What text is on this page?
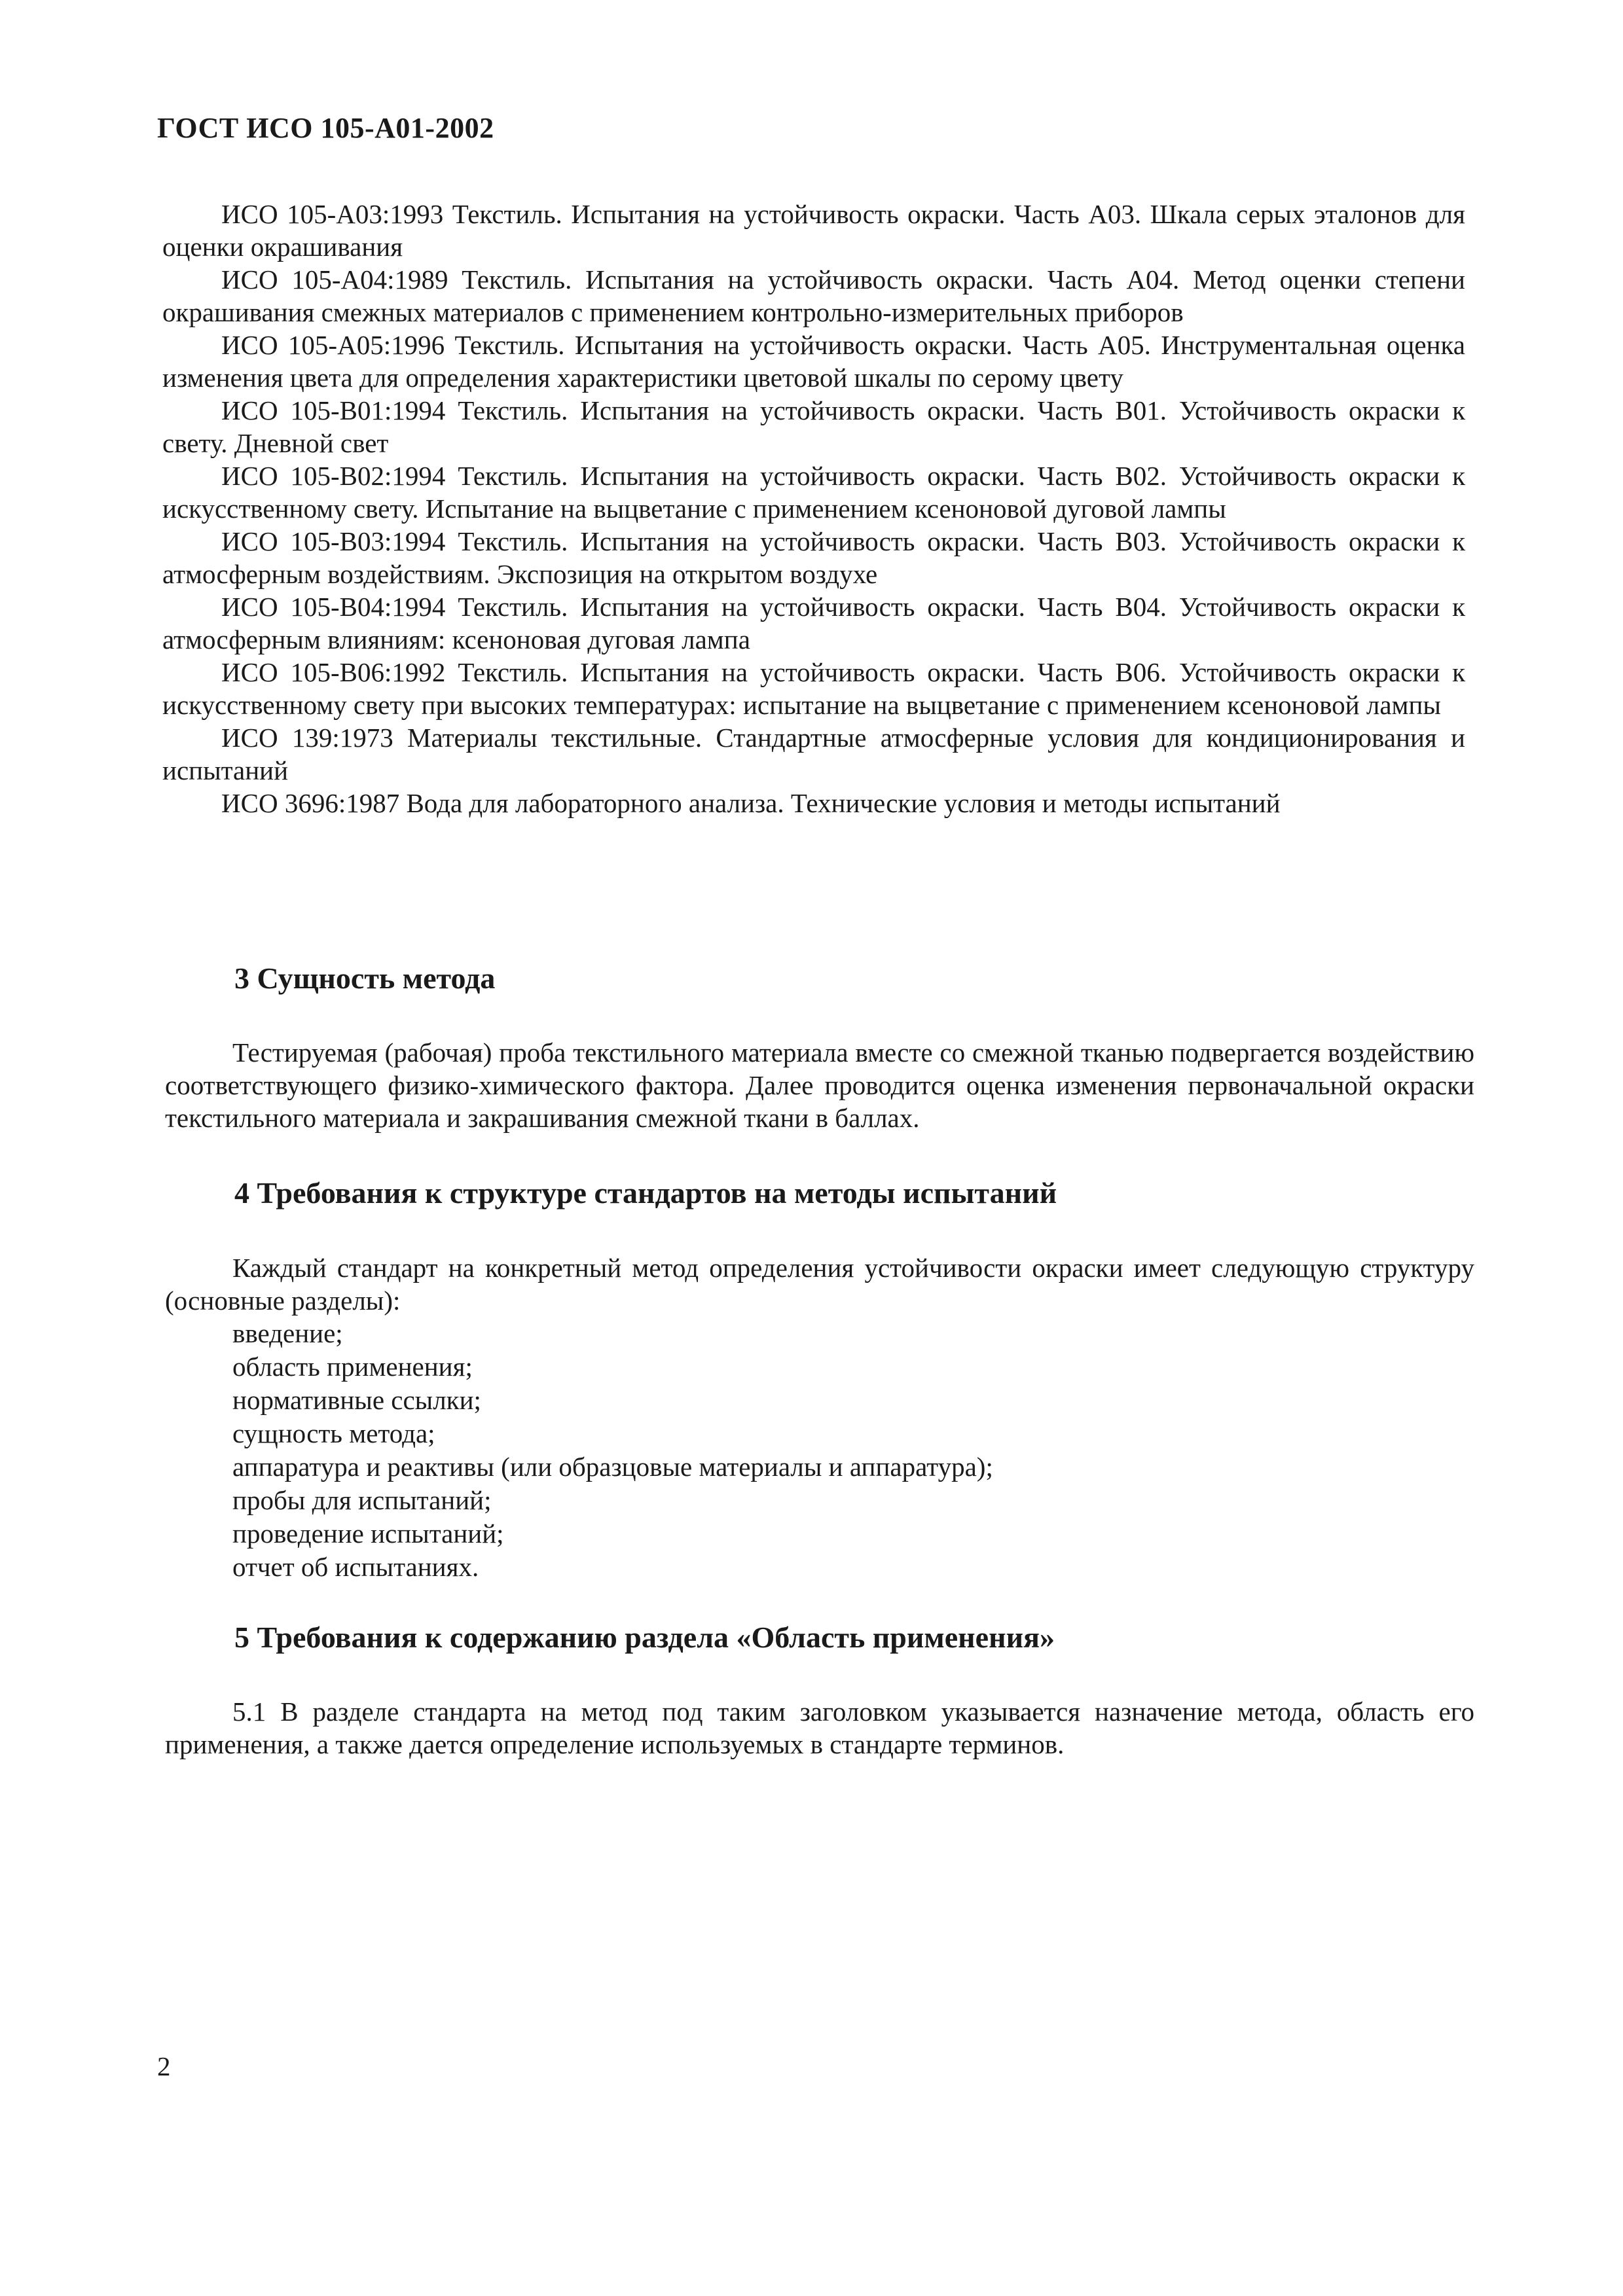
ГОСТ ИСО 105-А01-2002

ИСО 105-А03:1993 Текстиль. Испытания на устойчивость окраски. Часть А03. Шкала серых эталонов для оценки окрашивания

ИСО 105-А04:1989 Текстиль. Испытания на устойчивость окраски. Часть А04. Метод оценки степени окрашивания смежных материалов с применением контрольно-измерительных приборов

ИСО 105-А05:1996 Текстиль. Испытания на устойчивость окраски. Часть А05. Инструментальная оценка изменения цвета для определения характеристики цветовой шкалы по серому цвету

ИСО 105-В01:1994 Текстиль. Испытания на устойчивость окраски. Часть В01. Устойчивость окраски к свету. Дневной свет

ИСО 105-В02:1994 Текстиль. Испытания на устойчивость окраски. Часть В02. Устойчивость окраски к искусственному свету. Испытание на выцветание с применением ксеноновой дуговой лампы

ИСО 105-В03:1994 Текстиль. Испытания на устойчивость окраски. Часть В03. Устойчивость окраски к атмосферным воздействиям. Экспозиция на открытом воздухе

ИСО 105-В04:1994 Текстиль. Испытания на устойчивость окраски. Часть В04. Устойчивость окраски к атмосферным влияниям: ксеноновая дуговая лампа

ИСО 105-В06:1992 Текстиль. Испытания на устойчивость окраски. Часть В06. Устойчивость окраски к искусственному свету при высоких температурах: испытание на выцветание с применением ксеноновой лампы

ИСО 139:1973 Материалы текстильные. Стандартные атмосферные условия для кондиционирования и испытаний

ИСО 3696:1987 Вода для лабораторного анализа. Технические условия и методы испытаний

3 Сущность метода

Тестируемая (рабочая) проба текстильного материала вместе со смежной тканью подвергается воздействию соответствующего физико-химического фактора. Далее проводится оценка изменения первоначальной окраски текстильного материала и закрашивания смежной ткани в баллах.

4 Требования к структуре стандартов на методы испытаний

Каждый стандарт на конкретный метод определения устойчивости окраски имеет следующую структуру (основные разделы):

введение;
область применения;
нормативные ссылки;
сущность метода;
аппаратура и реактивы (или образцовые материалы и аппаратура);
пробы для испытаний;
проведение испытаний;
отчет об испытаниях.
5 Требования к содержанию раздела «Область применения»

5.1 В разделе стандарта на метод под таким заголовком указывается назначение метода, область его применения, а также дается определение используемых в стандарте терминов.

2
